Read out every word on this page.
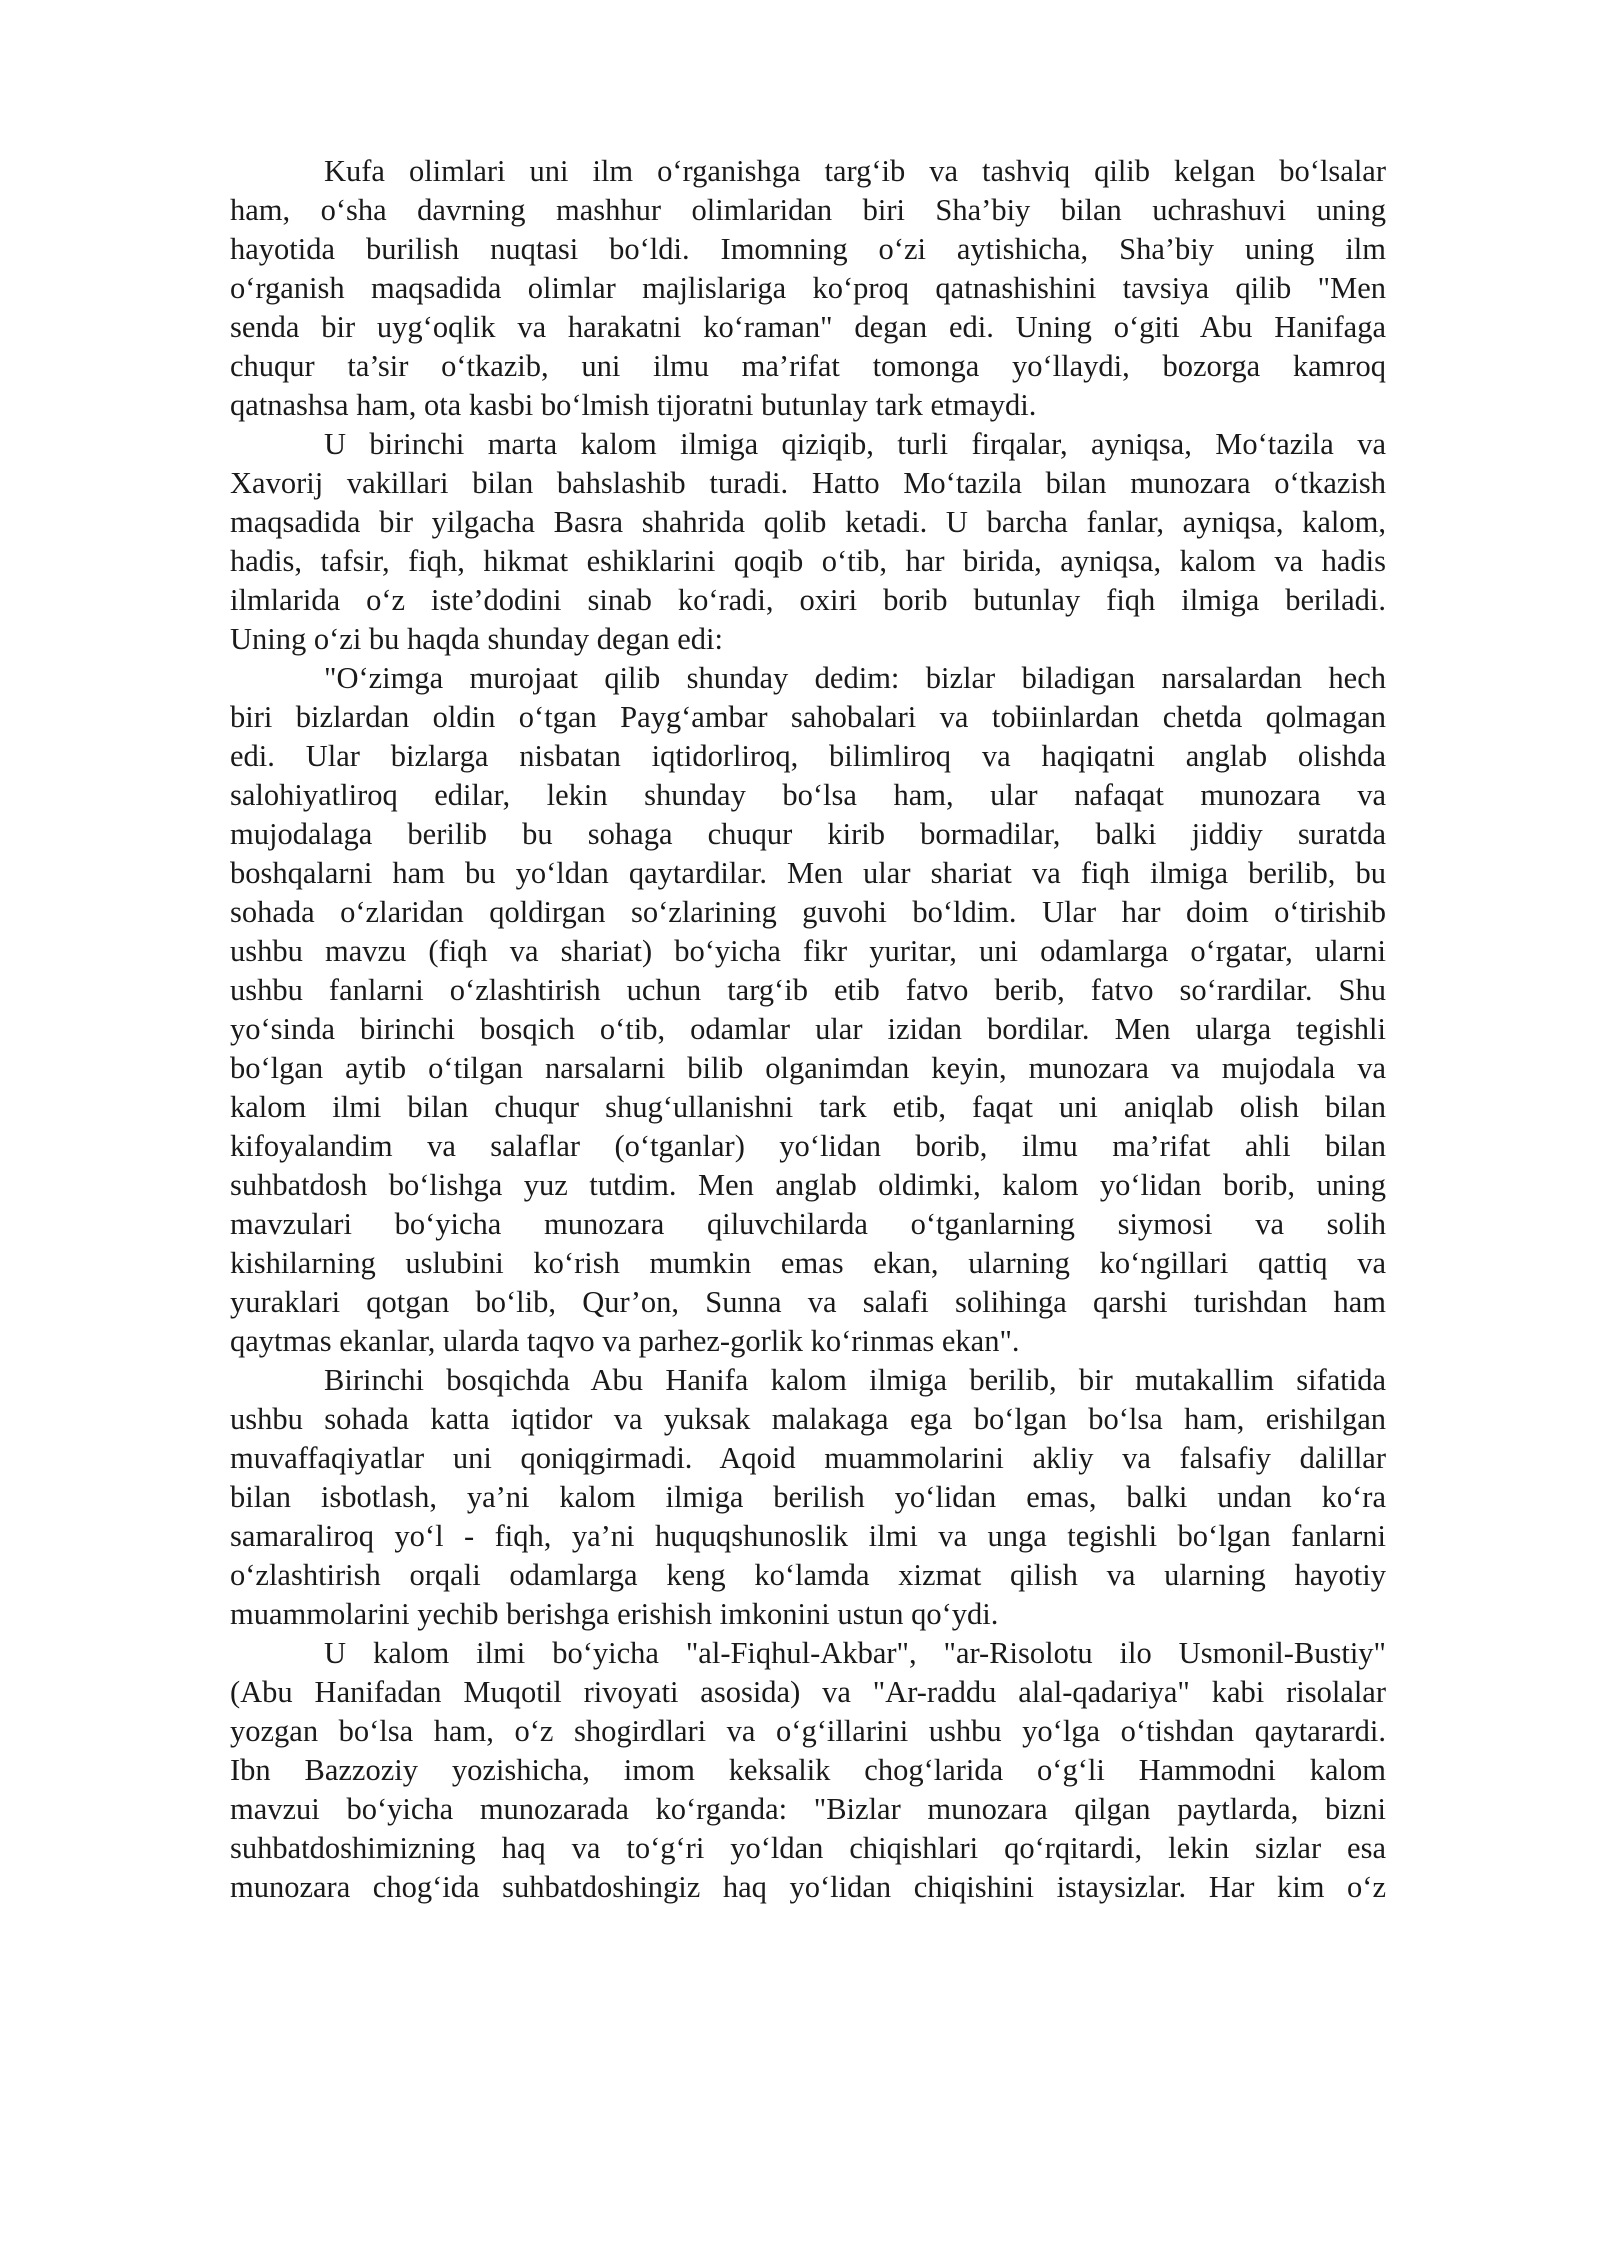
Kufa olimlari uni ilm o‘rganishga targ‘ib va tashviq qilib kelgan bo‘lsalar
ham, o‘sha davrning mashhur olimlaridan biri Sha’biy bilan uchrashuvi uning
hayotida burilish nuqtasi bo‘ldi. Imomning o‘zi aytishicha, Sha’biy uning ilm
o‘rganish maqsadida olimlar majlislariga ko‘proq qatnashishini tavsiya qilib "Men
senda bir uyg‘oqlik va harakatni ko‘raman" degan edi. Uning o‘giti Abu Hanifaga
chuqur ta’sir o‘tkazib, uni ilmu ma’rifat tomonga yo‘llaydi, bozorga kamroq
qatnashsa ham, ota kasbi bo‘lmish tijoratni butunlay tark etmaydi.
U birinchi marta kalom ilmiga qiziqib, turli firqalar, ayniqsa, Mo‘tazila va
Xavorij vakillari bilan bahslashib turadi. Hatto Mo‘tazila bilan munozara o‘tkazish
maqsadida bir yilgacha Basra shahrida qolib ketadi. U barcha fanlar, ayniqsa, kalom,
hadis, tafsir, fiqh, hikmat eshiklarini qoqib o‘tib, har birida, ayniqsa, kalom va hadis
ilmlarida o‘z iste’dodini sinab ko‘radi, oxiri borib butunlay fiqh ilmiga beriladi.
Uning o‘zi bu haqda shunday degan edi:
"O‘zimga murojaat qilib shunday dedim: bizlar biladigan narsalardan hech
biri bizlardan oldin o‘tgan Payg‘ambar sahobalari va tobiinlardan chetda qolmagan
edi. Ular bizlarga nisbatan iqtidorliroq, bilimliroq va haqiqatni anglab olishda
salohiyatliroq edilar, lekin shunday bo‘lsa ham, ular nafaqat munozara va
mujodalaga berilib bu sohaga chuqur kirib bormadilar, balki jiddiy suratda
boshqalarni ham bu yo‘ldan qaytardilar. Men ular shariat va fiqh ilmiga berilib, bu
sohada o‘zlaridan qoldirgan so‘zlarining guvohi bo‘ldim. Ular har doim o‘tirishib
ushbu mavzu (fiqh va shariat) bo‘yicha fikr yuritar, uni odamlarga o‘rgatar, ularni
ushbu fanlarni o‘zlashtirish uchun targ‘ib etib fatvo berib, fatvo so‘rardilar. Shu
yo‘sinda birinchi bosqich o‘tib, odamlar ular izidan bordilar. Men ularga tegishli
bo‘lgan aytib o‘tilgan narsalarni bilib olganimdan keyin, munozara va mujodala va
kalom ilmi bilan chuqur shug‘ullanishni tark etib, faqat uni aniqlab olish bilan
kifoyalandim va salaflar (o‘tganlar) yo‘lidan borib, ilmu ma’rifat ahli bilan
suhbatdosh bo‘lishga yuz tutdim. Men anglab oldimki, kalom yo‘lidan borib, uning
mavzulari bo‘yicha munozara qiluvchilarda o‘tganlarning siymosi va solih
kishilarning uslubini ko‘rish mumkin emas ekan, ularning ko‘ngillari qattiq va
yuraklari qotgan bo‘lib, Qur’on, Sunna va salafi solihinga qarshi turishdan ham
qaytmas ekanlar, ularda taqvo va parhez-gorlik ko‘rinmas ekan".
Birinchi bosqichda Abu Hanifa kalom ilmiga berilib, bir mutakallim sifatida
ushbu sohada katta iqtidor va yuksak malakaga ega bo‘lgan bo‘lsa ham, erishilgan
muvaffaqiyatlar uni qoniqgirmadi. Aqoid muammolarini akliy va falsafiy dalillar
bilan isbotlash, ya’ni kalom ilmiga berilish yo‘lidan emas, balki undan ko‘ra
samaraliroq yo‘l - fiqh, ya’ni huquqshunoslik ilmi va unga tegishli bo‘lgan fanlarni
o‘zlashtirish orqali odamlarga keng ko‘lamda xizmat qilish va ularning hayotiy
muammolarini yechib berishga erishish imkonini ustun qo‘ydi.
U kalom ilmi bo‘yicha "al-Fiqhul-Akbar", "ar-Risolotu ilo Usmonil-Bustiy"
(Abu Hanifadan Muqotil rivoyati asosida) va "Ar-raddu alal-qadariya" kabi risolalar
yozgan bo‘lsa ham, o‘z shogirdlari va o‘g‘illarini ushbu yo‘lga o‘tishdan qaytarardi.
Ibn Bazzoziy yozishicha, imom keksalik chog‘larida o‘g‘li Hammodni kalom
mavzui bo‘yicha munozarada ko‘rganda: "Bizlar munozara qilgan paytlarda, bizni
suhbatdoshimizning haq va to‘g‘ri yo‘ldan chiqishlari qo‘rqitardi, lekin sizlar esa
munozara chog‘ida suhbatdoshingiz haq yo‘lidan chiqishini istaysizlar. Har kim o‘z
